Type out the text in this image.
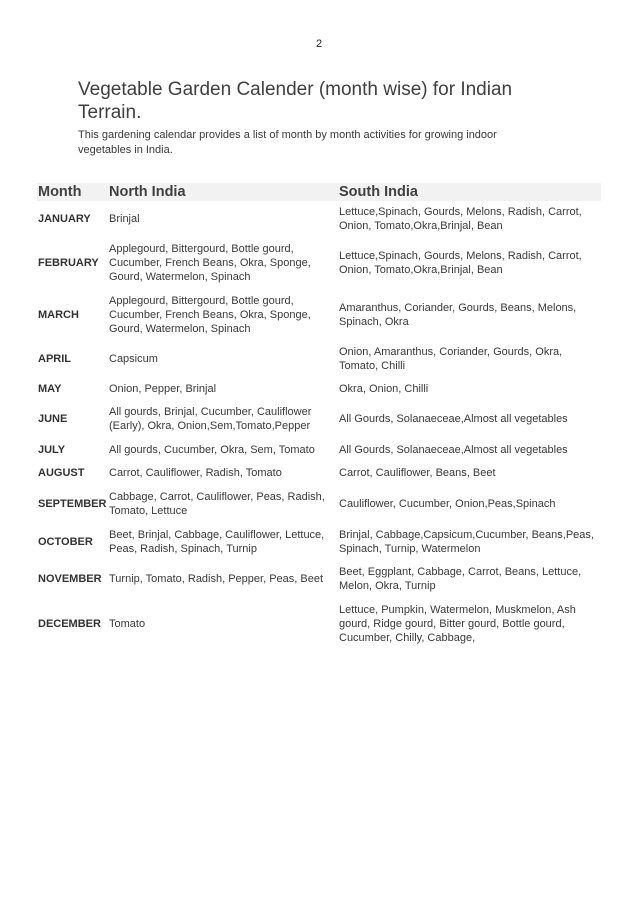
2
Vegetable Garden Calender (month wise) for Indian Terrain.

This gardening calendar provides a list of month by month activities for growing indoor vegetables in India.

Month	North India	South India
JANUARY	Brinjal	Lettuce,Spinach, Gourds, Melons, Radish, Carrot, Onion, Tomato,Okra,Brinjal, Bean
FEBRUARY	Applegourd, Bittergourd, Bottle gourd, Cucumber, French Beans, Okra, Sponge, Gourd, Watermelon, Spinach	Lettuce,Spinach, Gourds, Melons, Radish, Carrot, Onion, Tomato,Okra,Brinjal, Bean
MARCH	Applegourd, Bittergourd, Bottle gourd, Cucumber, French Beans, Okra, Sponge, Gourd, Watermelon, Spinach	Amaranthus, Coriander, Gourds, Beans, Melons, Spinach, Okra
APRIL	Capsicum	Onion, Amaranthus, Coriander, Gourds, Okra, Tomato, Chilli
MAY	Onion, Pepper, Brinjal	Okra, Onion, Chilli
JUNE	All gourds, Brinjal, Cucumber, Cauliflower (Early), Okra, Onion,Sem,Tomato,Pepper	All Gourds, Solanaeceae,Almost all vegetables
JULY	All gourds, Cucumber, Okra, Sem, Tomato	All Gourds, Solanaeceae,Almost all vegetables
AUGUST	Carrot, Cauliflower, Radish, Tomato	Carrot, Cauliflower, Beans, Beet
SEPTEMBER	Cabbage, Carrot, Cauliflower, Peas, Radish, Tomato, Lettuce	Cauliflower, Cucumber, Onion,Peas,Spinach
OCTOBER	Beet, Brinjal, Cabbage, Cauliflower, Lettuce, Peas, Radish, Spinach, Turnip	Brinjal, Cabbage,Capsicum,Cucumber, Beans,Peas, Spinach, Turnip, Watermelon
NOVEMBER	Turnip, Tomato, Radish, Pepper, Peas, Beet	Beet, Eggplant, Cabbage, Carrot, Beans, Lettuce, Melon, Okra, Turnip
DECEMBER	Tomato	Lettuce, Pumpkin, Watermelon, Muskmelon, Ash gourd, Ridge gourd, Bitter gourd, Bottle gourd, Cucumber, Chilly, Cabbage,
